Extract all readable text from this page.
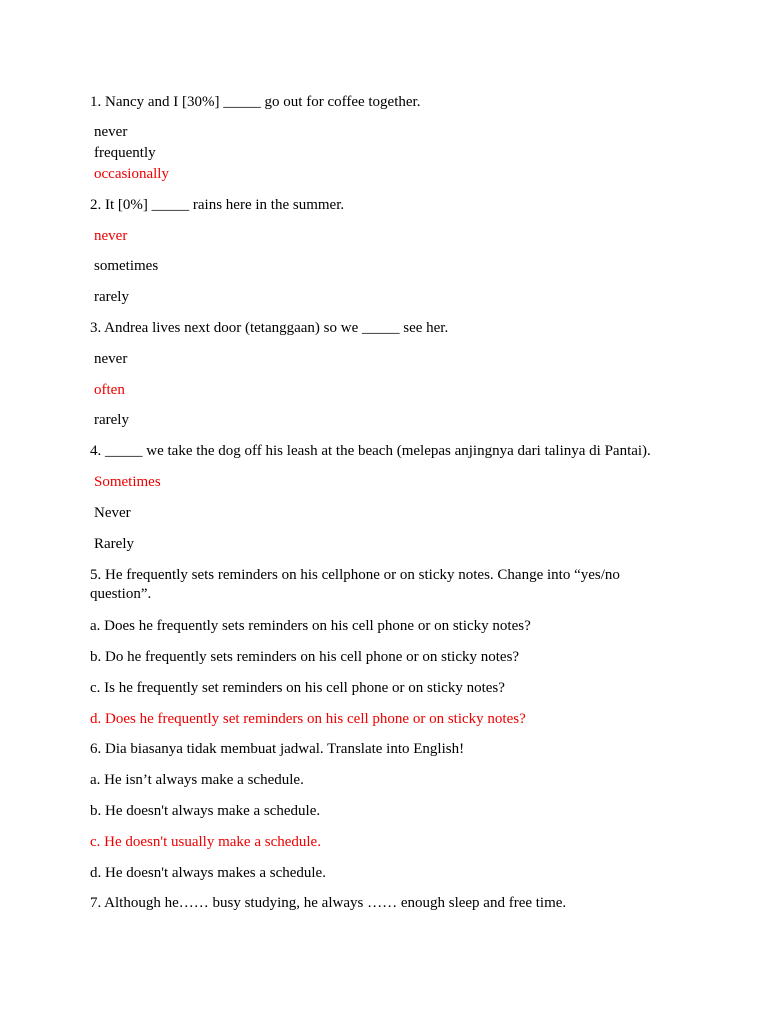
1. Nancy and I [30%] _____ go out for coffee together.
never
frequently
occasionally
2. It [0%] _____ rains here in the summer.
never
sometimes
rarely
3. Andrea lives next door (tetanggaan) so we _____ see her.
never
often
rarely
4. _____ we take the dog off his leash at the beach (melepas anjingnya dari talinya di Pantai).
Sometimes
Never
Rarely
5. He frequently sets reminders on his cellphone or on sticky notes. Change into “yes/no question”.
a. Does he frequently sets reminders on his cell phone or on sticky notes?
b. Do he frequently sets reminders on his cell phone or on sticky notes?
c. Is he frequently set reminders on his cell phone or on sticky notes?
d. Does he frequently set reminders on his cell phone or on sticky notes?
6. Dia biasanya tidak membuat jadwal. Translate into English!
a. He isn’t always make a schedule.
b. He doesn't always make a schedule.
c. He doesn't usually make a schedule.
d. He doesn't always makes a schedule.
7. Although he…… busy studying, he always …… enough sleep and free time.
